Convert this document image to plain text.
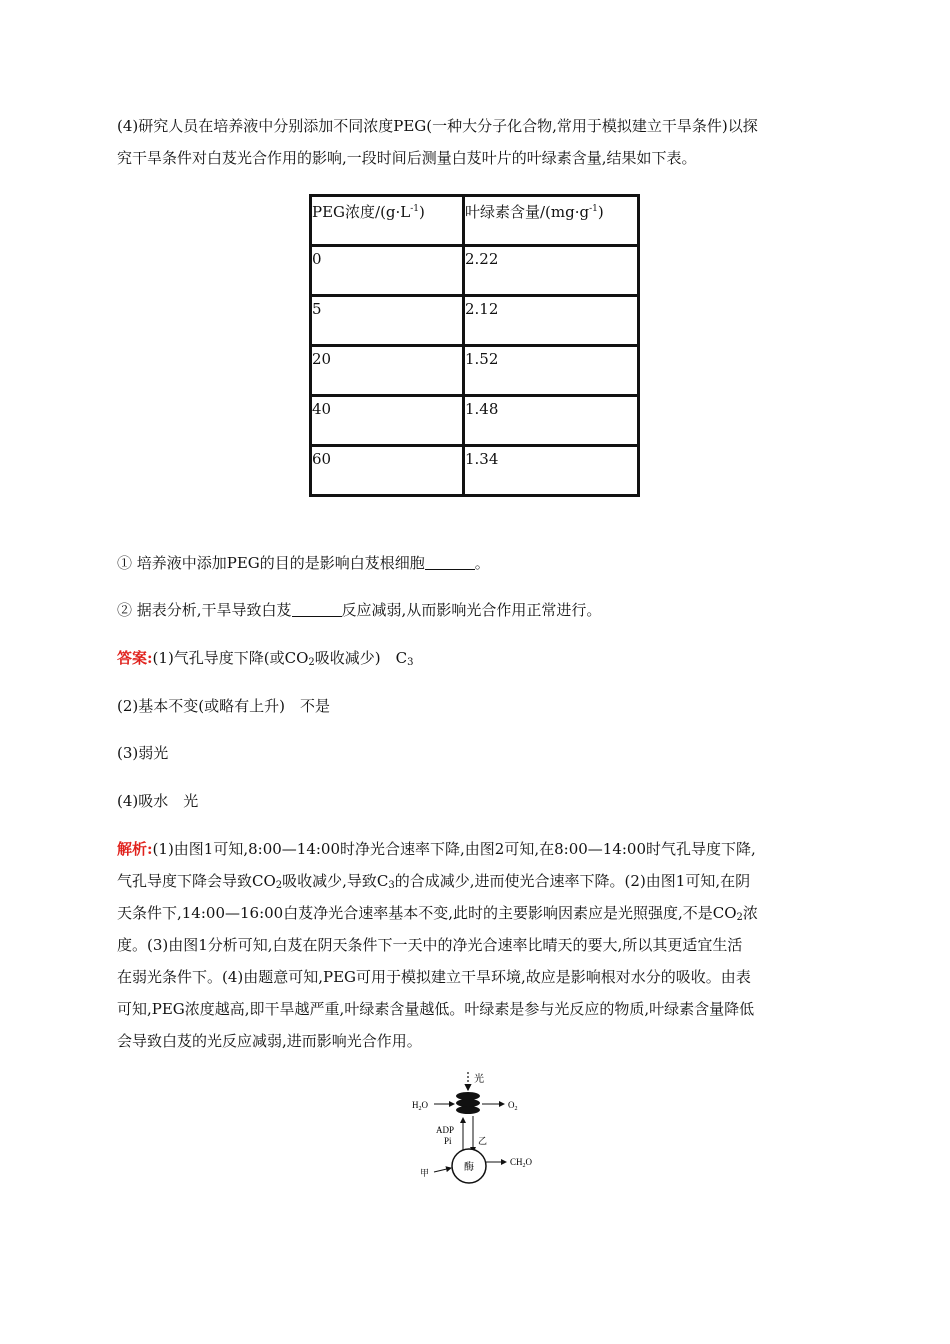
(4)研究人员在培养液中分别添加不同浓度PEG(一种大分子化合物,常用于模拟建立干旱条件)以探
究干旱条件对白芨光合作用的影响,一段时间后测量白芨叶片的叶绿素含量,结果如下表。
PEG浓度$/(g\cdot L^{-1})$	叶绿素含量$/(mg\cdot g^{-1})$
0	2.22
5	2.12
20	1.52
40	1.48
60	1.34
① 培养液中添加PEG的目的是影响白芨根细胞	。
② 据表分析,干旱导致白芨	反应减弱,从而影响光合作用正常进行。
答案:(1)气孔导度下降(或$CO_2$吸收减少)　$C_3$
(2)基本不变(或略有上升)　不是
(3)弱光
(4)吸水　光
解析:(1)由图1可知,8:00—14:00时净光合速率下降,由图2可知,在8:00—14:00时气孔导度下降,
气孔导度下降会导致$CO_2$吸收减少,导致$C_3$的合成减少,进而使光合速率下降。(2)由图1可知,在阴
天条件下,14:00—16:00白芨净光合速率基本不变,此时的主要影响因素应是光照强度,不是$CO_2$浓
度。(3)由图1分析可知,白芨在阴天条件下一天中的净光合速率比晴天的要大,所以其更适宜生活
在弱光条件下。(4)由题意可知,PEG可用于模拟建立干旱环境,故应是影响根对水分的吸收。由表
可知,PEG浓度越高,即干旱越严重,叶绿素含量越低。叶绿素是参与光反应的物质,叶绿素含量降低
会导致白芨的光反应减弱,进而影响光合作用。
光
$H_2O$	$O_2$
ADP
Pi	乙
酶
甲
$CH_2O$
